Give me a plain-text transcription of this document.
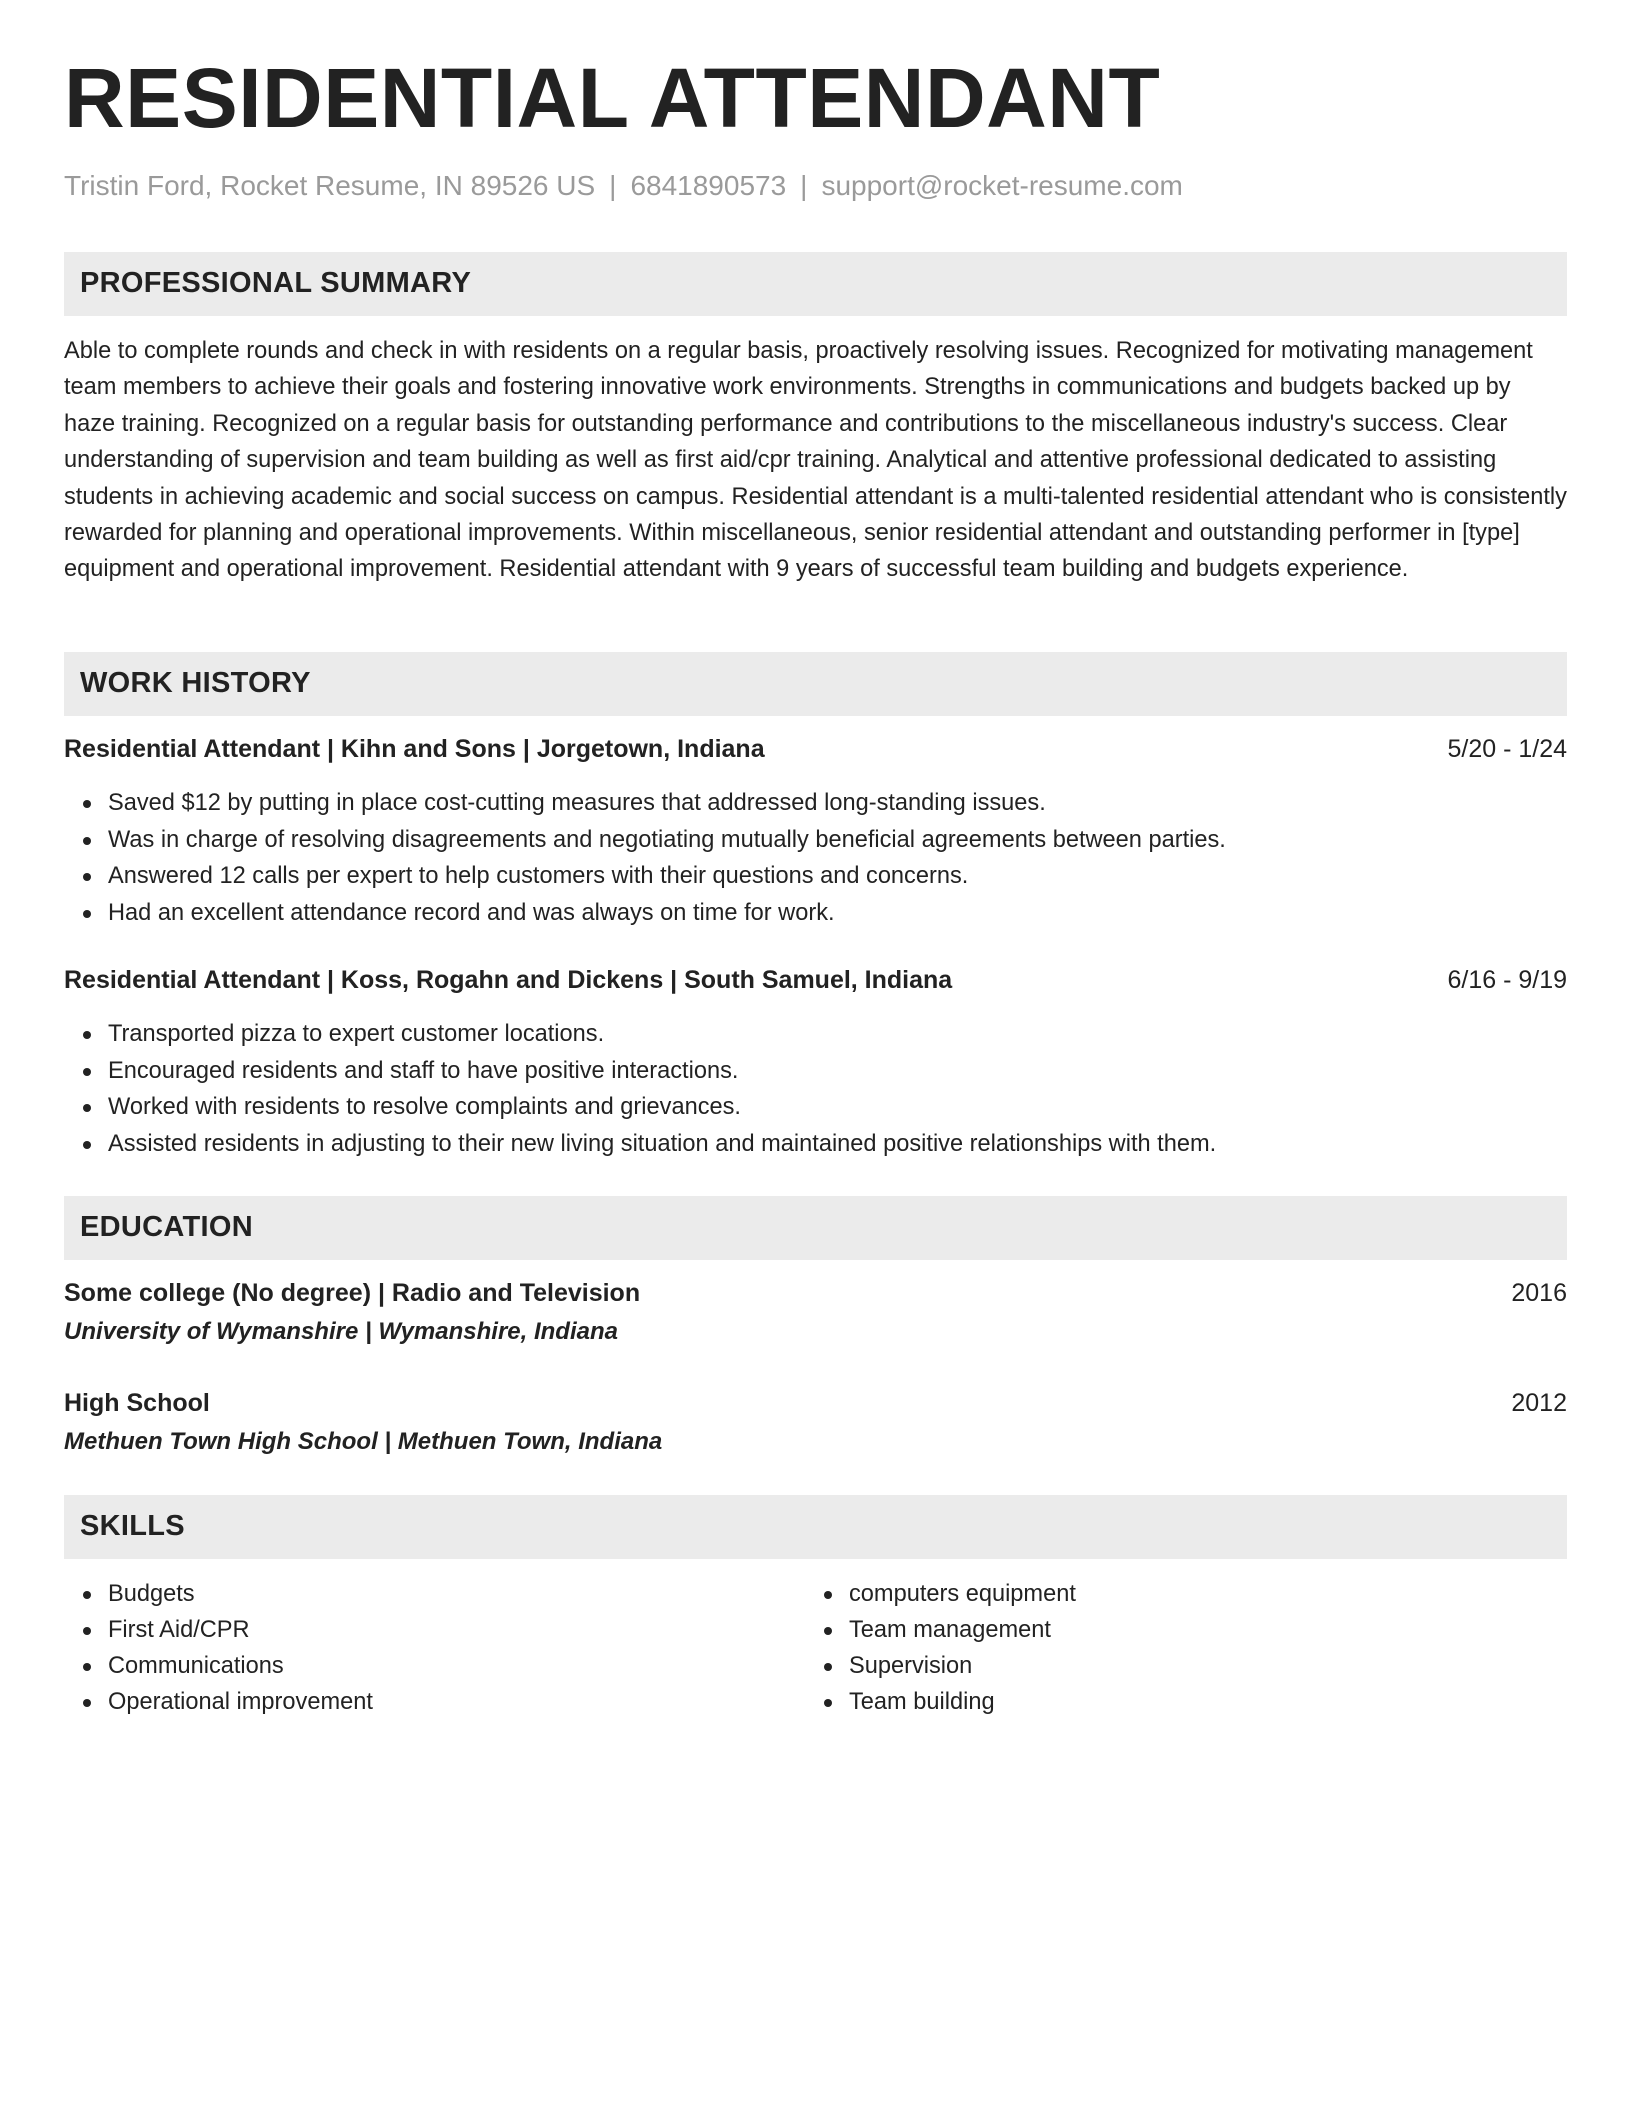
RESIDENTIAL ATTENDANT
Tristin Ford, Rocket Resume, IN 89526 US | 6841890573 | support@rocket-resume.com
PROFESSIONAL SUMMARY
Able to complete rounds and check in with residents on a regular basis, proactively resolving issues. Recognized for motivating management team members to achieve their goals and fostering innovative work environments. Strengths in communications and budgets backed up by haze training. Recognized on a regular basis for outstanding performance and contributions to the miscellaneous industry's success. Clear understanding of supervision and team building as well as first aid/cpr training. Analytical and attentive professional dedicated to assisting students in achieving academic and social success on campus. Residential attendant is a multi-talented residential attendant who is consistently rewarded for planning and operational improvements. Within miscellaneous, senior residential attendant and outstanding performer in [type] equipment and operational improvement. Residential attendant with 9 years of successful team building and budgets experience.
WORK HISTORY
Residential Attendant | Kihn and Sons | Jorgetown, Indiana	5/20 - 1/24
Saved $12 by putting in place cost-cutting measures that addressed long-standing issues.
Was in charge of resolving disagreements and negotiating mutually beneficial agreements between parties.
Answered 12 calls per expert to help customers with their questions and concerns.
Had an excellent attendance record and was always on time for work.
Residential Attendant | Koss, Rogahn and Dickens | South Samuel, Indiana	6/16 - 9/19
Transported pizza to expert customer locations.
Encouraged residents and staff to have positive interactions.
Worked with residents to resolve complaints and grievances.
Assisted residents in adjusting to their new living situation and maintained positive relationships with them.
EDUCATION
Some college (No degree) | Radio and Television	2016
University of Wymanshire | Wymanshire, Indiana
High School	2012
Methuen Town High School | Methuen Town, Indiana
SKILLS
Budgets
First Aid/CPR
Communications
Operational improvement
computers equipment
Team management
Supervision
Team building
